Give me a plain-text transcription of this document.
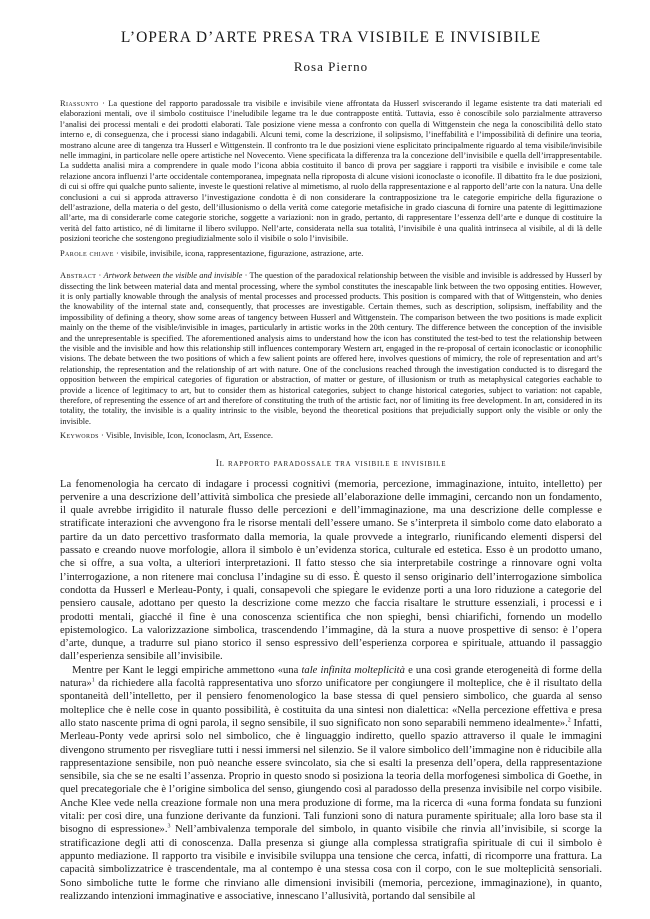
L’OPERA D’ARTE PRESA TRA VISIBILE E INVISIBILE
Rosa Pierno

Riassunto · La questione del rapporto paradossale tra visibile e invisibile viene affrontata da Husserl sviscerando il legame esistente tra dati materiali ed elaborazioni mentali, ove il simbolo costituisce l’ineludibile legame tra le due contrapposte entità. Tuttavia, esso è conoscibile solo parzialmente attraverso l’analisi dei processi mentali e dei prodotti elaborati. Tale posizione viene messa a confronto con quella di Wittgenstein che nega la conoscibilità dello stato interno e, di conseguenza, che i processi siano indagabili. Alcuni temi, come la descrizione, il solipsismo, l’ineffabilità e l’impossibilità di definire una teoria, mostrano alcune aree di tangenza tra Husserl e Wittgenstein. Il confronto tra le due posizioni viene esplicitato principalmente riguardo al tema visibile/invisibile nelle immagini, in particolare nelle opere artistiche nel Novecento. Viene specificata la differenza tra la concezione dell’invisibile e quella dell’irrappresentabile. La suddetta analisi mira a comprendere in quale modo l’icona abbia costituito il banco di prova per saggiare i rapporti tra visibile e invisibile e come tale relazione ancora influenzi l’arte occidentale contemporanea, impegnata nella riproposta di alcune visioni iconoclaste o iconofile. Il dibattito fra le due posizioni, di cui si offre qui qualche punto saliente, investe le questioni relative al mimetismo, al ruolo della rappresentazione e al rapporto dell’arte con la natura. Una delle conclusioni a cui si approda attraverso l’investigazione condotta è di non considerare la contrapposizione tra le categorie empiriche della figurazione o dell’astrazione, della materia o del gesto, dell’illusionismo o della verità come categorie metafisiche in grado ciascuna di fornire una patente di legittimazione all’arte, ma di considerarle come categorie storiche, soggette a variazioni: non in grado, pertanto, di rappresentare l’essenza dell’arte e dunque di costituire la verità del fatto artistico, né di limitarne il libero sviluppo. Nell’arte, considerata nella sua totalità, l’invisibile è una qualità intrinseca al visibile, al di là delle posizioni teoriche che sostengono pregiudizialmente solo il visibile o solo l’invisibile.

Parole chiave · visibile, invisibile, icona, rappresentazione, figurazione, astrazione, arte.

Abstract · Artwork between the visible and invisible · The question of the paradoxical relationship between the visible and invisible is addressed by Husserl by dissecting the link between material data and mental processing, where the symbol constitutes the inescapable link between the two opposing entities. However, it is only partially knowable through the analysis of mental processes and processed products. This position is compared with that of Wittgenstein, who denies the knowability of the internal state and, consequently, that processes are investigable. Certain themes, such as description, solipsism, ineffability and the impossibility of defining a theory, show some areas of tangency between Husserl and Wittgenstein. The comparison between the two positions is made explicit mainly on the theme of the visible/invisible in images, particularly in artistic works in the 20th century. The difference between the conception of the invisible and the unrepresentable is specified. The aforementioned analysis aims to understand how the icon has constituted the test-bed to test the relationship between the visible and the invisible and how this relationship still influences contemporary Western art, engaged in the re-proposal of certain iconoclastic or iconophilic visions. The debate between the two positions of which a few salient points are offered here, involves questions of mimicry, the role of representation and art’s relationship, the representation and the relationship of art with nature. One of the conclusions reached through the investigation conducted is to disregard the opposition between the empirical categories of figuration or abstraction, of matter or gesture, of illusionism or truth as metaphysical categories eachable to provide a licence of legitimacy to art, but to consider them as historical categories, subject to change historical categories, subject to variation: not capable, therefore, of representing the essence of art and therefore of constituting the truth of the artistic fact, nor of limiting its free development. In art, considered in its totality, the totality, the invisible is a quality intrinsic to the visible, beyond the theoretical positions that prejudicially support only the visible or only the invisible.

Keywords · Visible, Invisible, Icon, Iconoclasm, Art, Essence.

Il rapporto paradossale tra visibile e invisibile

La fenomenologia ha cercato di indagare i processi cognitivi (memoria, percezione, immaginazione, intuito, intelletto) per pervenire a una descrizione dell’attività simbolica che presiede all’elaborazione delle immagini, cercando non un fondamento, il quale avrebbe irrigidito il naturale flusso delle percezioni e dell’immaginazione, ma una descrizione delle complesse e stratificate interazioni che avvengono fra le risorse mentali dell’essere umano. Se s’interpreta il simbolo come dato elaborato a partire da un dato percettivo trasformato dalla memoria, la quale provvede a integrarlo, riunificando elementi dispersi del passato e creando nuove morfologie, allora il simbolo è un’evidenza storica, culturale ed estetica. Esso è un prodotto umano, che si offre, a sua volta, a ulteriori interpretazioni. Il fatto stesso che sia interpretabile costringe a rinnovare ogni volta l’interrogazione, a non ritenere mai conclusa l’indagine su di esso. È questo il senso originario dell’interrogazione simbolica condotta da Husserl e Merleau-Ponty, i quali, consapevoli che spiegare le evidenze porti a una loro riduzione a categorie del pensiero causale, adottano per questo la descrizione come mezzo che faccia risaltare le strutture essenziali, i processi e i prodotti mentali, giacché il fine è una conoscenza scientifica che non spieghi, bensì chiarifichi, fornendo un modello epistemologico. La valorizzazione simbolica, trascendendo l’immagine, dà la stura a nuove prospettive di senso: è l’opera d’arte, dunque, a tradurre sul piano storico il senso espressivo dell’esperienza corporea e spirituale, attuando il passaggio dall’esperienza sensibile all’invisibile.

Mentre per Kant le leggi empiriche ammettono «una tale infinita molteplicità e una così grande eterogeneità di forme della natura»$^1$ da richiedere alla facoltà rappresentativa uno sforzo unificatore per congiungere il molteplice, che è il risultato della spontaneità dell’intelletto, per il pensiero fenomenologico la base stessa di quel pensiero simbolico, che guarda al senso molteplice che è nelle cose in quanto possibilità, è costituita da una sintesi non dialettica: «Nella percezione effettiva e presa allo stato nascente prima di ogni parola, il segno sensibile, il suo significato non sono separabili nemmeno idealmente».$^2$ Infatti, Merleau-Ponty vede aprirsi solo nel simbolico, che è linguaggio indiretto, quello spazio attraverso il quale le immagini divengono strumento per risvegliare tutti i nessi immersi nel silenzio. Se il valore simbolico dell’immagine non è riducibile alla rappresentazione sensibile, non può neanche essere svincolato, sia che si esalti la presenza dell’opera, della rappresentazione sensibile, sia che se ne esalti l’assenza. Proprio in questo snodo si posiziona la teoria della morfogenesi simbolica di Goethe, in quel precategoriale che è l’origine simbolica del senso, giungendo così al paradosso della presenza invisibile nel corpo visibile. Anche Klee vede nella creazione formale non una mera produzione di forme, ma la ricerca di «una forma fondata su funzioni vitali: per così dire, una funzione derivante da funzioni. Tali funzioni sono di natura puramente spirituale; alla loro base sta il bisogno di espressione».$^3$ Nell’ambivalenza temporale del simbolo, in quanto visibile che rinvia all’invisibile, si scorge la stratificazione degli atti di conoscenza. Dalla presenza si giunge alla complessa stratigrafia spirituale di cui il simbolo è appunto mediazione. Il rapporto tra visibile e invisibile sviluppa una tensione che cerca, infatti, di ricomporre una frattura. La capacità simbolizzatrice è trascendentale, ma al contempo è una stessa cosa con il corpo, con le sue molteplicità sensoriali. Sono simboliche tutte le forme che rinviano alle dimensioni invisibili (memoria, percezione, immaginazione), in quanto, realizzando intenzioni immaginative e associative, innescano l’allusività, portando dal sensibile al
